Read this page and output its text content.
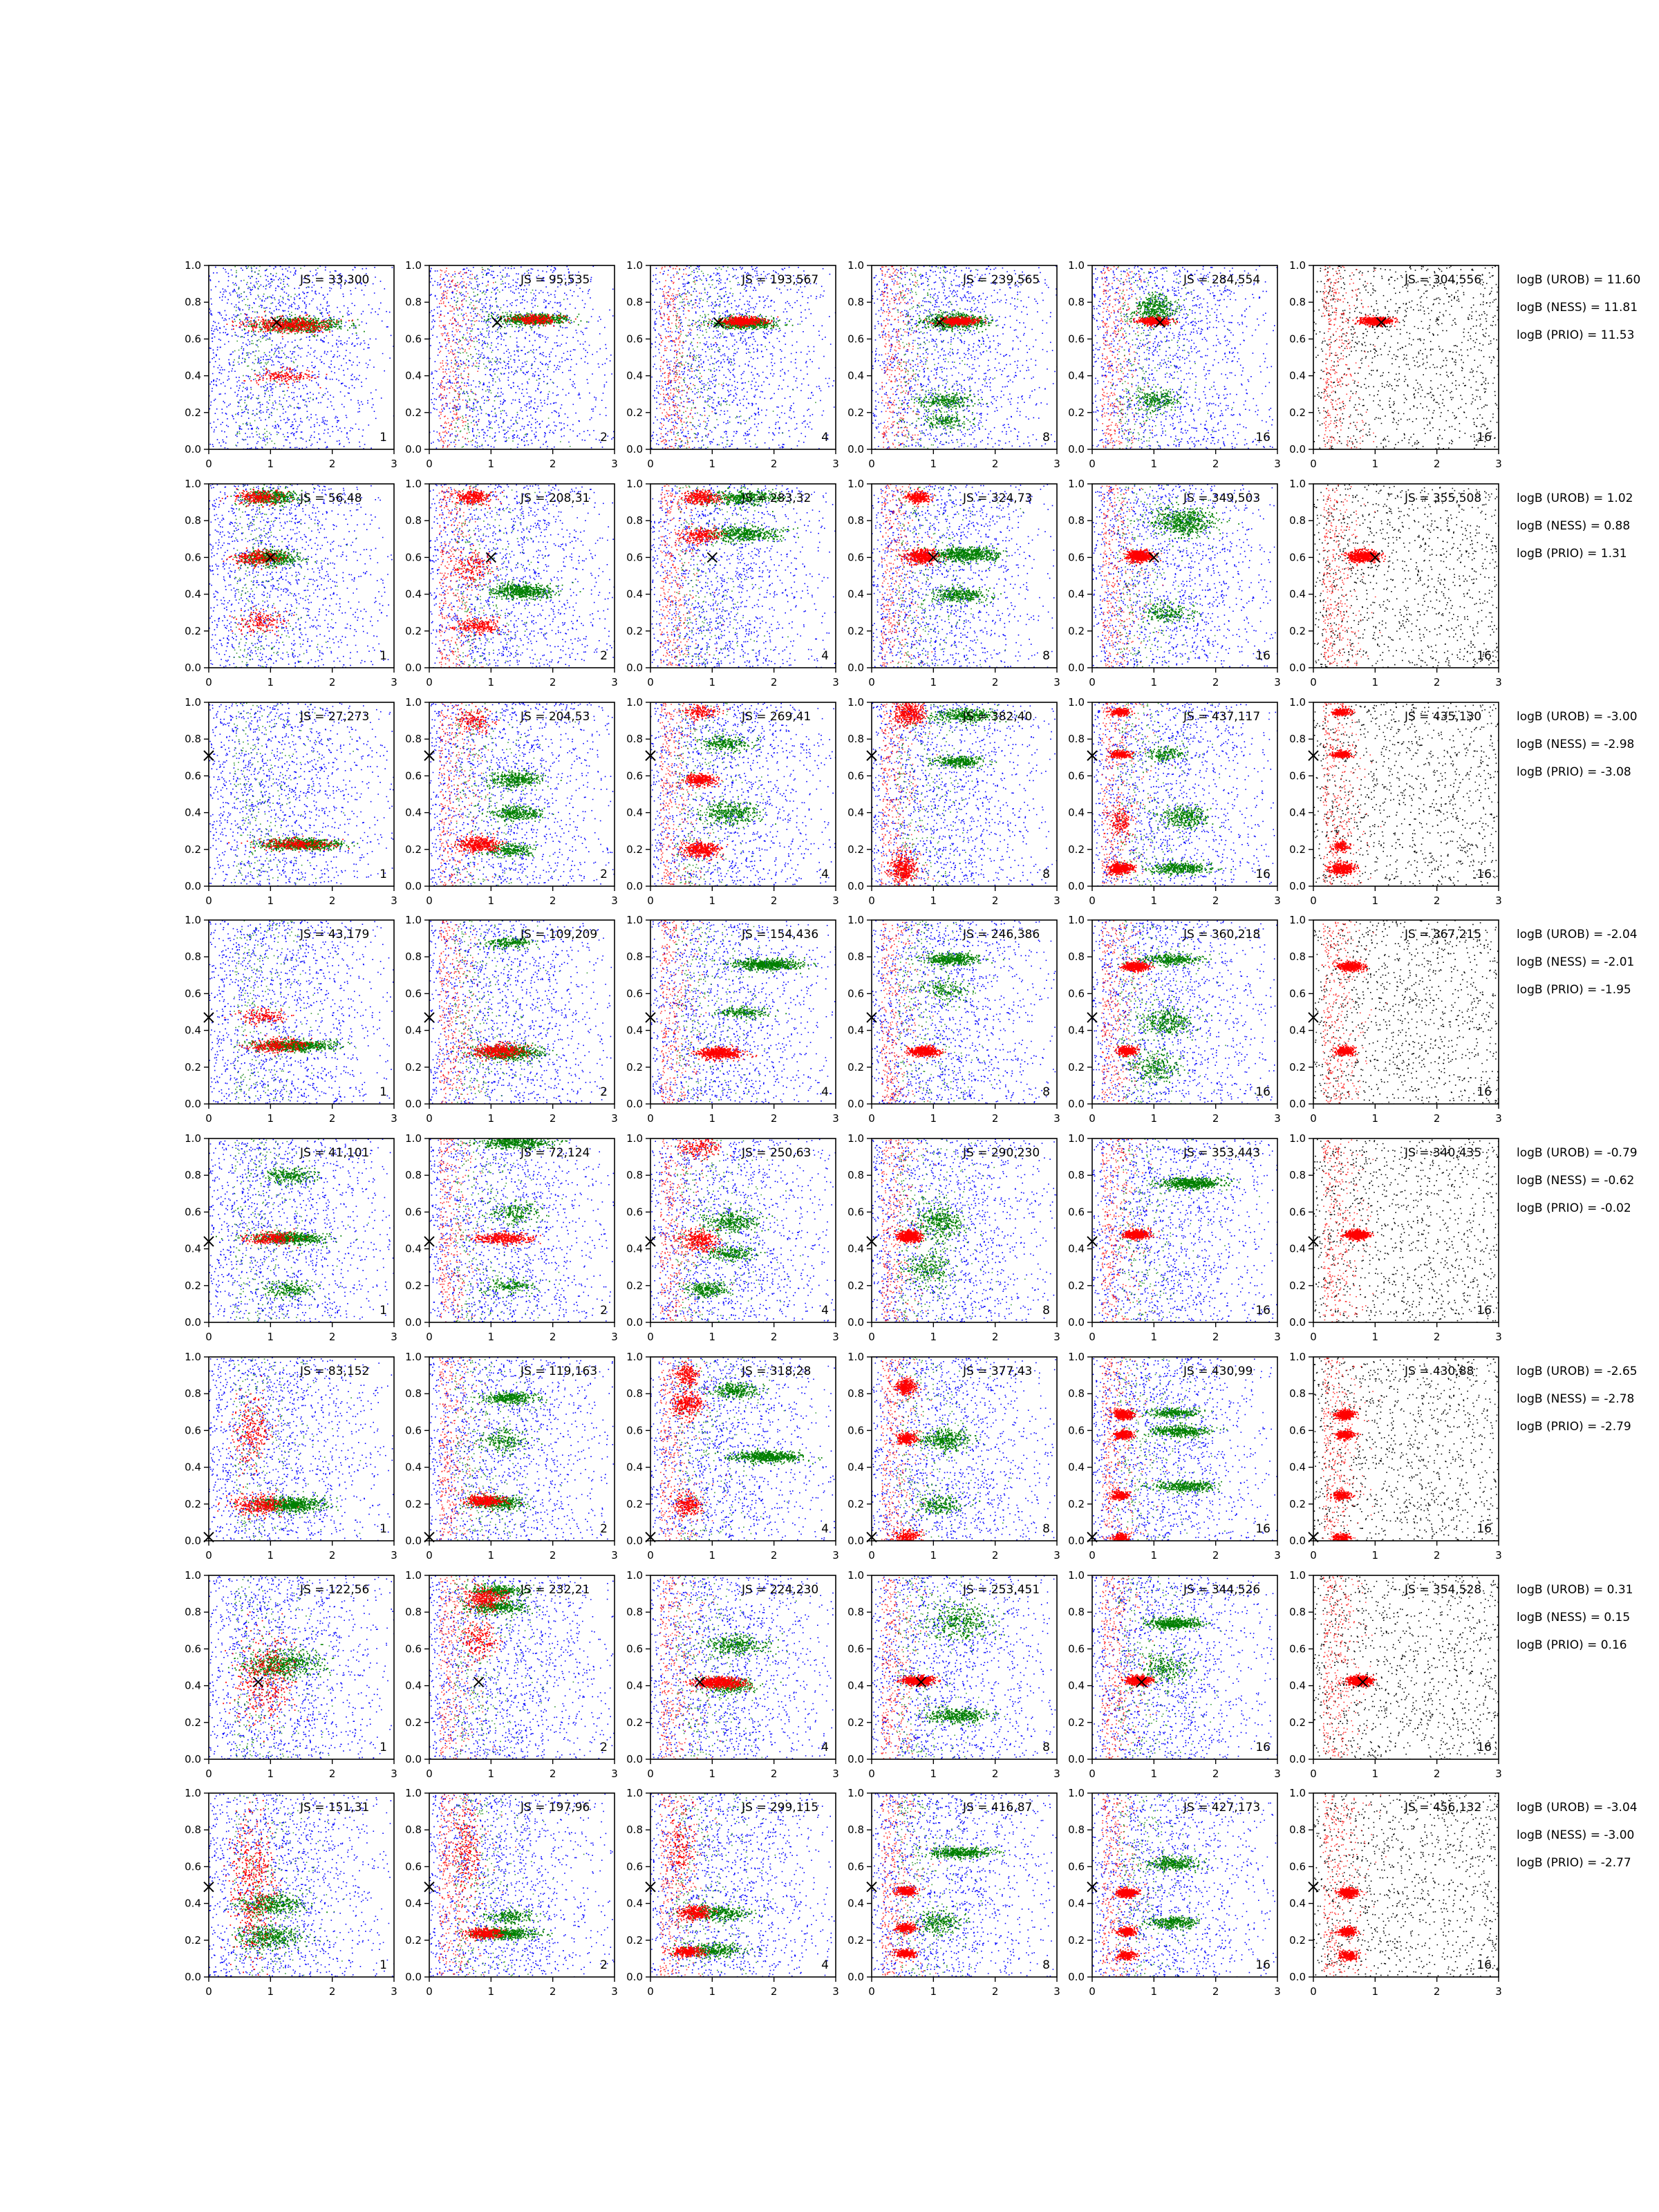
0	1	2	3
0.0
0.2
0.4
0.6
0.8
1.0
JS = 33,300
1
0	1	2	3
0.0
0.2
0.4
0.6
0.8
1.0
JS = 95,535
2
0	1	2	3
0.0
0.2
0.4
0.6
0.8
1.0
JS = 193,567
4
0	1	2	3
0.0
0.2
0.4
0.6
0.8
1.0
JS = 239,565
8
0	1	2	3
0.0
0.2
0.4
0.6
0.8
1.0
JS = 284,554
16
0	1	2	3
0.0
0.2
0.4
0.6
0.8
1.0
JS = 304,556
16
logB (UROB) = 11.60
logB (NESS) = 11.81
logB (PRIO) = 11.53
0	1	2	3
0.0
0.2
0.4
0.6
0.8
1.0
JS = 56,48
1
0	1	2	3
0.0
0.2
0.4
0.6
0.8
1.0
JS = 208,31
2
0	1	2	3
0.0
0.2
0.4
0.6
0.8
1.0
JS = 283,32
4
0	1	2	3
0.0
0.2
0.4
0.6
0.8
1.0
JS = 324,73
8
0	1	2	3
0.0
0.2
0.4
0.6
0.8
1.0
JS = 349,503
16
0	1	2	3
0.0
0.2
0.4
0.6
0.8
1.0
JS = 355,508
16
logB (UROB) = 1.02
logB (NESS) = 0.88
logB (PRIO) = 1.31
0	1	2	3
0.0
0.2
0.4
0.6
0.8
1.0
JS = 27,273
1
0	1	2	3
0.0
0.2
0.4
0.6
0.8
1.0
JS = 204,53
2
0	1	2	3
0.0
0.2
0.4
0.6
0.8
1.0
JS = 269,41
4
0	1	2	3
0.0
0.2
0.4
0.6
0.8
1.0
JS = 382,40
8
0	1	2	3
0.0
0.2
0.4
0.6
0.8
1.0
JS = 437,117
16
0	1	2	3
0.0
0.2
0.4
0.6
0.8
1.0
JS = 435,130
16
logB (UROB) = -3.00
logB (NESS) = -2.98
logB (PRIO) = -3.08
0	1	2	3
0.0
0.2
0.4
0.6
0.8
1.0
JS = 43,179
1
0	1	2	3
0.0
0.2
0.4
0.6
0.8
1.0
JS = 109,209
2
0	1	2	3
0.0
0.2
0.4
0.6
0.8
1.0
JS = 154,436
4
0	1	2	3
0.0
0.2
0.4
0.6
0.8
1.0
JS = 246,386
8
0	1	2	3
0.0
0.2
0.4
0.6
0.8
1.0
JS = 360,218
16
0	1	2	3
0.0
0.2
0.4
0.6
0.8
1.0
JS = 367,215
16
logB (UROB) = -2.04
logB (NESS) = -2.01
logB (PRIO) = -1.95
0	1	2	3
0.0
0.2
0.4
0.6
0.8
1.0
JS = 41,101
1
0	1	2	3
0.0
0.2
0.4
0.6
0.8
1.0
JS = 72,124
2
0	1	2	3
0.0
0.2
0.4
0.6
0.8
1.0
JS = 250,63
4
0	1	2	3
0.0
0.2
0.4
0.6
0.8
1.0
JS = 290,230
8
0	1	2	3
0.0
0.2
0.4
0.6
0.8
1.0
JS = 353,443
16
0	1	2	3
0.0
0.2
0.4
0.6
0.8
1.0
JS = 340,435
16
logB (UROB) = -0.79
logB (NESS) = -0.62
logB (PRIO) = -0.02
0	1	2	3
0.0
0.2
0.4
0.6
0.8
1.0
JS = 83,152
1
0	1	2	3
0.0
0.2
0.4
0.6
0.8
1.0
JS = 119,163
2
0	1	2	3
0.0
0.2
0.4
0.6
0.8
1.0
JS = 318,28
4
0	1	2	3
0.0
0.2
0.4
0.6
0.8
1.0
JS = 377,43
8
0	1	2	3
0.0
0.2
0.4
0.6
0.8
1.0
JS = 430,99
16
0	1	2	3
0.0
0.2
0.4
0.6
0.8
1.0
JS = 430,88
16
logB (UROB) = -2.65
logB (NESS) = -2.78
logB (PRIO) = -2.79
0	1	2	3
0.0
0.2
0.4
0.6
0.8
1.0
JS = 122,56
1
0	1	2	3
0.0
0.2
0.4
0.6
0.8
1.0
JS = 232,21
2
0	1	2	3
0.0
0.2
0.4
0.6
0.8
1.0
JS = 224,230
4
0	1	2	3
0.0
0.2
0.4
0.6
0.8
1.0
JS = 253,451
8
0	1	2	3
0.0
0.2
0.4
0.6
0.8
1.0
JS = 344,526
16
0	1	2	3
0.0
0.2
0.4
0.6
0.8
1.0
JS = 354,528
16
logB (UROB) = 0.31
logB (NESS) = 0.15
logB (PRIO) = 0.16
0	1	2	3
0.0
0.2
0.4
0.6
0.8
1.0
JS = 151,31
1
0	1	2	3
0.0
0.2
0.4
0.6
0.8
1.0
JS = 197,96
2
0	1	2	3
0.0
0.2
0.4
0.6
0.8
1.0
JS = 299,115
4
0	1	2	3
0.0
0.2
0.4
0.6
0.8
1.0
JS = 416,87
8
0	1	2	3
0.0
0.2
0.4
0.6
0.8
1.0
JS = 427,173
16
0	1	2	3
0.0
0.2
0.4
0.6
0.8
1.0
JS = 456,132
16
logB (UROB) = -3.04
logB (NESS) = -3.00
logB (PRIO) = -2.77
